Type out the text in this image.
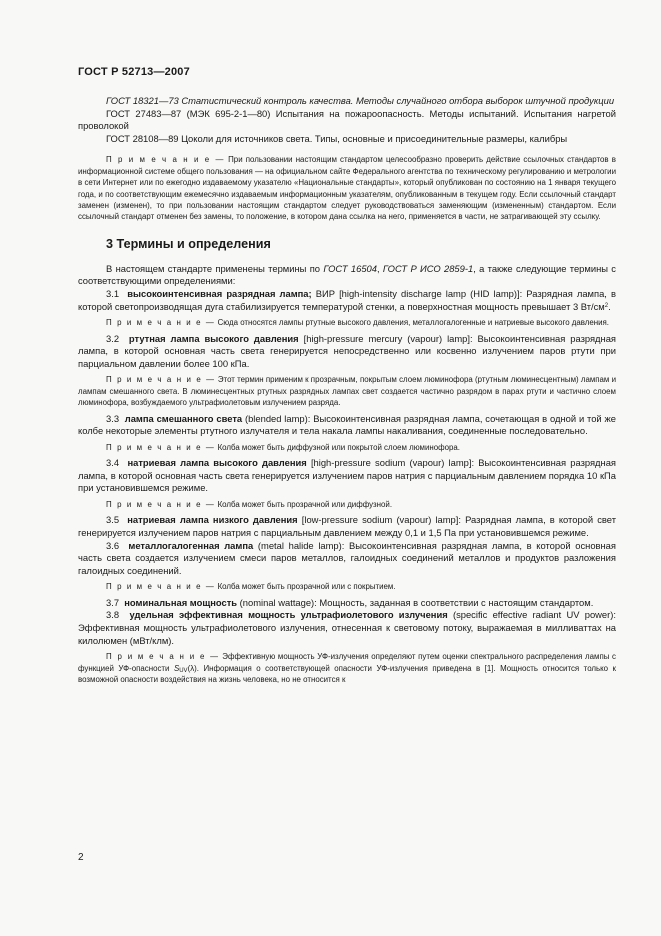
ГОСТ Р 52713—2007

ГОСТ 18321—73 Статистический контроль качества. Методы случайного отбора выборок штучной продукции

ГОСТ 27483—87 (МЭК 695-2-1—80) Испытания на пожароопасность. Методы испытаний. Испытания нагретой проволокой

ГОСТ 28108—89 Цоколи для источников света. Типы, основные и присоединительные размеры, калибры

П р и м е ч а н и е — При пользовании настоящим стандартом целесообразно проверить действие ссылочных стандартов в информационной системе общего пользования — на официальном сайте Федерального агентства по техническому регулированию и метрологии в сети Интернет или по ежегодно издаваемому указателю «Национальные стандарты», который опубликован по состоянию на 1 января текущего года, и по соответствующим ежемесячно издаваемым информационным указателям, опубликованным в текущем году. Если ссылочный стандарт заменен (изменен), то при пользовании настоящим стандартом следует руководствоваться заменяющим (измененным) стандартом. Если ссылочный стандарт отменен без замены, то положение, в котором дана ссылка на него, применяется в части, не затрагивающей эту ссылку.

3 Термины и определения

В настоящем стандарте применены термины по ГОСТ 16504, ГОСТ Р ИСО 2859-1, а также следующие термины с соответствующими определениями:

3.1 высокоинтенсивная разрядная лампа; ВИР [high-intensity discharge lamp (HID lamp)]: Разрядная лампа, в которой светопроизводящая дуга стабилизируется температурой стенки, а поверхностная мощность превышает 3 $Вт/см^2$.

П р и м е ч а н и е — Сюда относятся лампы ртутные высокого давления, металлогалогенные и натриевые высокого давления.

3.2 ртутная лампа высокого давления [high-pressure mercury (vapour) lamp]: Высокоинтенсивная разрядная лампа, в которой основная часть света генерируется непосредственно или косвенно излучением паров ртути при парциальном давлении более 100 кПа.

П р и м е ч а н и е — Этот термин применим к прозрачным, покрытым слоем люминофора (ртутным люминесцентным) лампам и лампам смешанного света. В люминесцентных ртутных разрядных лампах свет создается частично разрядом в парах ртути и частично слоем люминофора, возбуждаемого ультрафиолетовым излучением разряда.

3.3 лампа смешанного света (blended lamp): Высокоинтенсивная разрядная лампа, сочетающая в одной и той же колбе некоторые элементы ртутного излучателя и тела накала лампы накаливания, соединенные последовательно.

П р и м е ч а н и е — Колба может быть диффузной или покрытой слоем люминофора.

3.4 натриевая лампа высокого давления [high-pressure sodium (vapour) lamp]: Высокоинтенсивная разрядная лампа, в которой основная часть света генерируется излучением паров натрия с парциальным давлением порядка 10 кПа при установившемся режиме.

П р и м е ч а н и е — Колба может быть прозрачной или диффузной.

3.5 натриевая лампа низкого давления [low-pressure sodium (vapour) lamp]: Разрядная лампа, в которой свет генерируется излучением паров натрия с парциальным давлением между 0,1 и 1,5 Па при установившемся режиме.

3.6 металлогалогенная лампа (metal halide lamp): Высокоинтенсивная разрядная лампа, в которой основная часть света создается излучением смеси паров металлов, галоидных соединений металлов и продуктов разложения галоидных соединений.

П р и м е ч а н и е — Колба может быть прозрачной или с покрытием.

3.7 номинальная мощность (nominal wattage): Мощность, заданная в соответствии с настоящим стандартом.

3.8 удельная эффективная мощность ультрафиолетового излучения (specific effective radiant UV power): Эффективная мощность ультрафиолетового излучения, отнесенная к световому потоку, выражаемая в милливаттах на килолюмен (мВт/клм).

П р и м е ч а н и е — Эффективную мощность УФ-излучения определяют путем оценки спектрального распределения лампы с функцией УФ-опасности $S_{UV}(\lambda)$. Информация о соответствующей опасности УФ-излучения приведена в [1]. Мощность относится только к возможной опасности воздействия на жизнь человека, но не относится к

2
